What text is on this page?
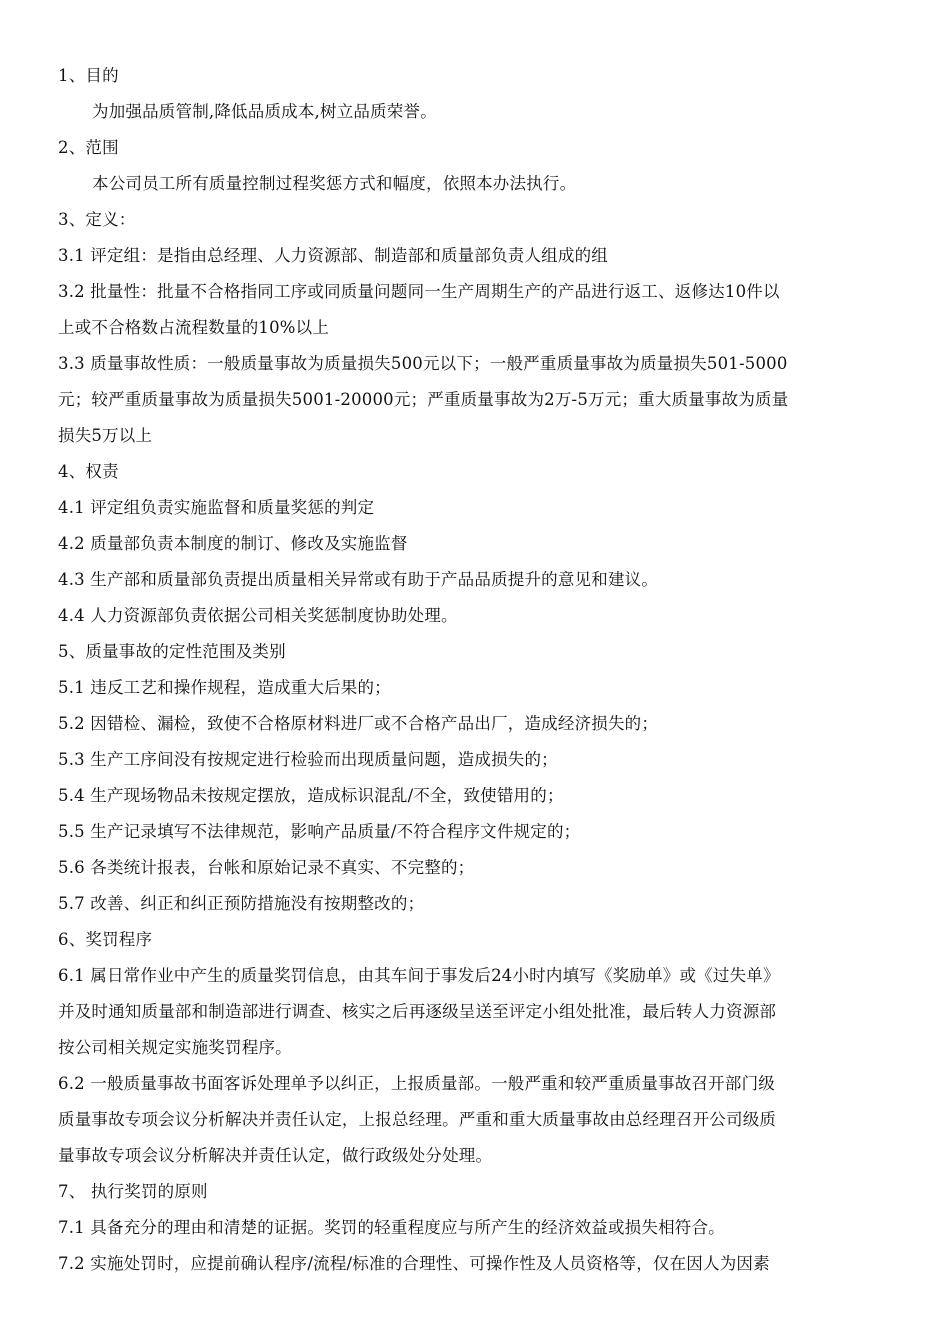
1、目的
为加强品质管制,降低品质成本,树立品质荣誉。
2、范围
本公司员工所有质量控制过程奖惩方式和幅度，依照本办法执行。
3、定义：
3.1 评定组：是指由总经理、人力资源部、制造部和质量部负责人组成的组
3.2 批量性：批量不合格指同工序或同质量问题同一生产周期生产的产品进行返工、返修达10件以
上或不合格数占流程数量的10%以上
3.3 质量事故性质：一般质量事故为质量损失500元以下；一般严重质量事故为质量损失501-5000
元；较严重质量事故为质量损失5001-20000元；严重质量事故为2万-5万元；重大质量事故为质量
损失5万以上
4、权责
4.1 评定组负责实施监督和质量奖惩的判定
4.2 质量部负责本制度的制订、修改及实施监督
4.3 生产部和质量部负责提出质量相关异常或有助于产品品质提升的意见和建议。
4.4 人力资源部负责依据公司相关奖惩制度协助处理。
5、质量事故的定性范围及类别
5.1 违反工艺和操作规程，造成重大后果的；
5.2 因错检、漏检，致使不合格原材料进厂或不合格产品出厂，造成经济损失的；
5.3 生产工序间没有按规定进行检验而出现质量问题，造成损失的；
5.4 生产现场物品未按规定摆放，造成标识混乱/不全，致使错用的；
5.5 生产记录填写不法律规范，影响产品质量/不符合程序文件规定的；
5.6 各类统计报表，台帐和原始记录不真实、不完整的；
5.7 改善、纠正和纠正预防措施没有按期整改的；
6、奖罚程序
6.1 属日常作业中产生的质量奖罚信息，由其车间于事发后24小时内填写《奖励单》或《过失单》
并及时通知质量部和制造部进行调查、核实之后再逐级呈送至评定小组处批准，最后转人力资源部
按公司相关规定实施奖罚程序。
6.2 一般质量事故书面客诉处理单予以纠正，上报质量部。一般严重和较严重质量事故召开部门级
质量事故专项会议分析解决并责任认定，上报总经理。严重和重大质量事故由总经理召开公司级质
量事故专项会议分析解决并责任认定，做行政级处分处理。
7、 执行奖罚的原则
7.1 具备充分的理由和清楚的证据。奖罚的轻重程度应与所产生的经济效益或损失相符合。
7.2 实施处罚时，应提前确认程序/流程/标准的合理性、可操作性及人员资格等，仅在因人为因素
